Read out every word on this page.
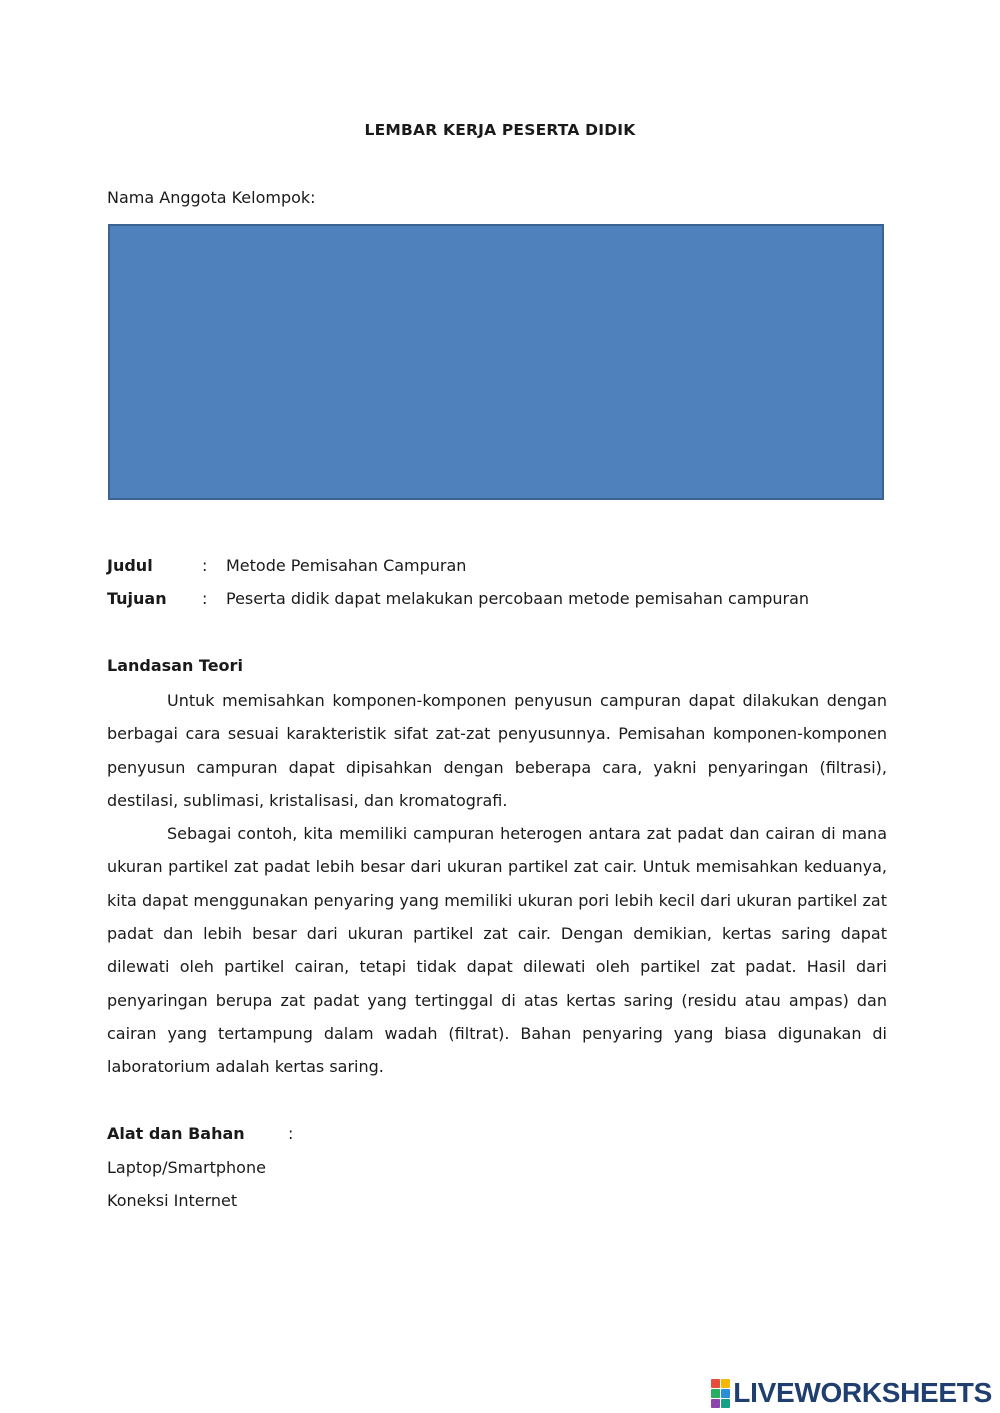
LEMBAR KERJA PESERTA DIDIK
Nama Anggota Kelompok:
Judul	: Metode Pemisahan Campuran
Tujuan : Peserta didik dapat melakukan percobaan metode pemisahan campuran
Landasan Teori

Untuk memisahkan komponen-komponen penyusun campuran dapat dilakukan dengan berbagai cara sesuai karakteristik sifat zat-zat penyusunnya. Pemisahan komponen-komponen penyusun campuran dapat dipisahkan dengan beberapa cara, yakni penyaringan (filtrasi), destilasi, sublimasi, kristalisasi, dan kromatografi.

Sebagai contoh, kita memiliki campuran heterogen antara zat padat dan cairan di mana ukuran partikel zat padat lebih besar dari ukuran partikel zat cair. Untuk memisahkan keduanya, kita dapat menggunakan penyaring yang memiliki ukuran pori lebih kecil dari ukuran partikel zat padat dan lebih besar dari ukuran partikel zat cair. Dengan demikian, kertas saring dapat dilewati oleh partikel cairan, tetapi tidak dapat dilewati oleh partikel zat padat. Hasil dari penyaringan berupa zat padat yang tertinggal di atas kertas saring (residu atau ampas) dan cairan yang tertampung dalam wadah (filtrat). Bahan penyaring yang biasa digunakan di laboratorium adalah kertas saring.

Alat dan Bahan	:
Laptop/Smartphone
Koneksi Internet
LIVEWORKSHEETS
